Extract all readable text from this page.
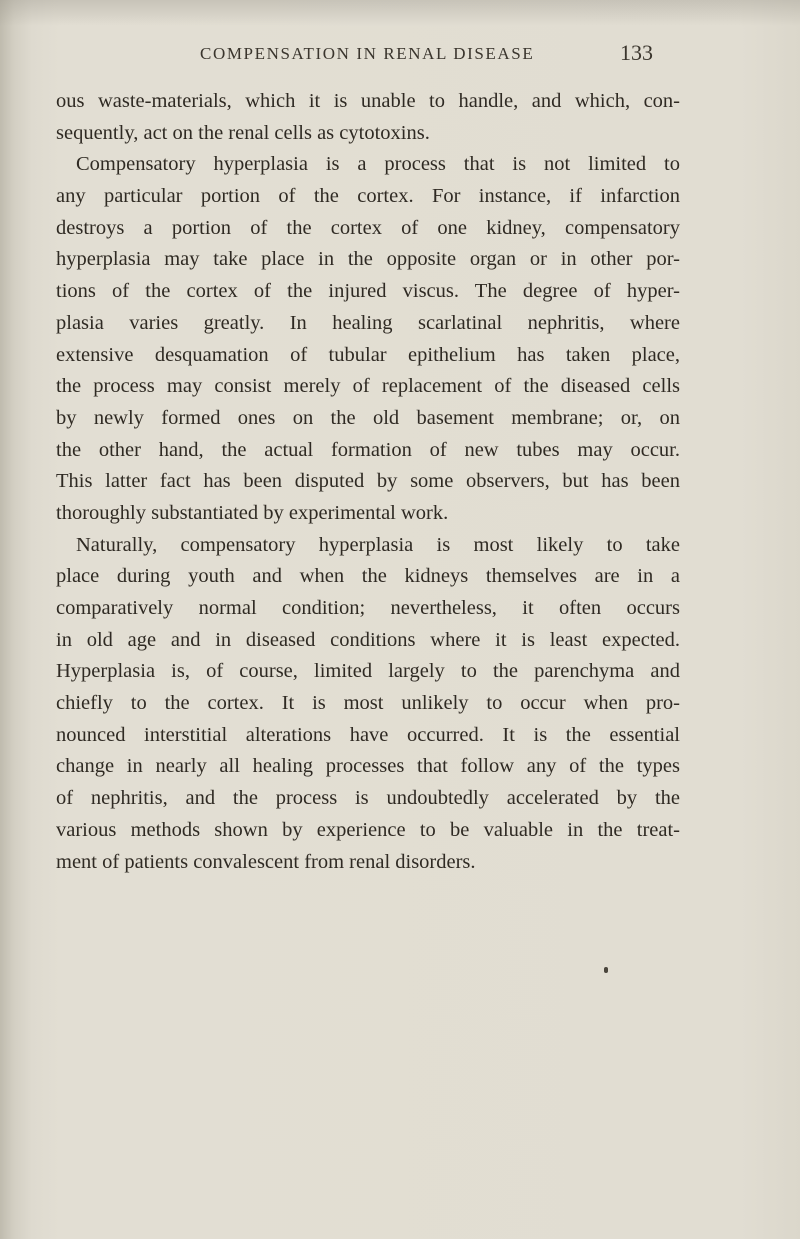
COMPENSATION IN RENAL DISEASE	133
ous waste-materials, which it is unable to handle, and which, con-
sequently, act on the renal cells as cytotoxins.
Compensatory hyperplasia is a process that is not limited to
any particular portion of the cortex. For instance, if infarction
destroys a portion of the cortex of one kidney, compensatory
hyperplasia may take place in the opposite organ or in other por-
tions of the cortex of the injured viscus. The degree of hyper-
plasia varies greatly. In healing scarlatinal nephritis, where
extensive desquamation of tubular epithelium has taken place,
the process may consist merely of replacement of the diseased cells
by newly formed ones on the old basement membrane; or, on
the other hand, the actual formation of new tubes may occur.
This latter fact has been disputed by some observers, but has been
thoroughly substantiated by experimental work.
Naturally, compensatory hyperplasia is most likely to take
place during youth and when the kidneys themselves are in a
comparatively normal condition; nevertheless, it often occurs
in old age and in diseased conditions where it is least expected.
Hyperplasia is, of course, limited largely to the parenchyma and
chiefly to the cortex. It is most unlikely to occur when pro-
nounced interstitial alterations have occurred. It is the essential
change in nearly all healing processes that follow any of the types
of nephritis, and the process is undoubtedly accelerated by the
various methods shown by experience to be valuable in the treat-
ment of patients convalescent from renal disorders.
